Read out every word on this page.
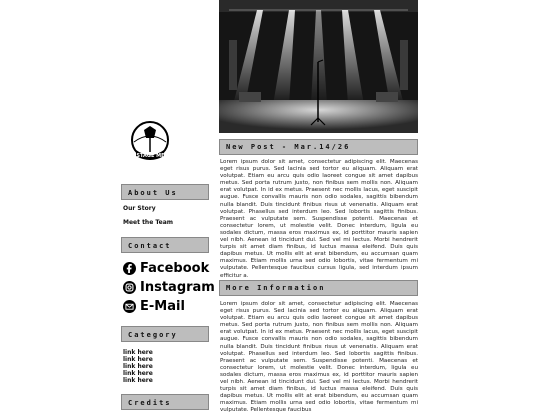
STAGE ME
About Us
Our Story
Meet the Team
Contact
Facebook
Instagram
E-Mail
Category
link here
link here
link here
link here
link here
Credits
New Post - Mar.14/26
Lorem ipsum dolor sit amet, consectetur adipiscing elit. Maecenas eget risus purus. Sed lacinia sed tortor eu aliquam. Aliquam erat volutpat. Etiam eu arcu quis odio laoreet congue sit amet dapibus metus. Sed porta rutrum justo, non finibus sem mollis non. Aliquam erat volutpat. In id ex metus. Praesent nec mollis lacus, eget suscipit augue. Fusce convallis mauris non odio sodales, sagittis bibendum nulla blandit. Duis tincidunt finibus risus ut venenatis. Aliquam erat volutpat. Phasellus sed interdum leo. Sed lobortis sagittis finibus. Praesent ac vulputate sem. Suspendisse potenti. Maecenas et consectetur lorem, ut molestie velit. Donec interdum, ligula eu sodales dictum, massa eros maximus ex, id porttitor mauris sapien vel nibh. Aenean id tincidunt dui. Sed vel mi lectus. Morbi hendrerit turpis sit amet diam finibus, id luctus massa eleifend. Duis quis dapibus metus. Ut mollis elit at erat bibendum, eu accumsan quam maximus. Etiam mollis urna sed odio lobortis, vitae fermentum mi vulputate. Pellentesque faucibus cursus ligula, sed interdum ipsum efficitur a.
More Information
Lorem ipsum dolor sit amet, consectetur adipiscing elit. Maecenas eget risus purus. Sed lacinia sed tortor eu aliquam. Aliquam erat volutpat. Etiam eu arcu quis odio laoreet congue sit amet dapibus metus. Sed porta rutrum justo, non finibus sem mollis non. Aliquam erat volutpat. In id ex metus. Praesent nec mollis lacus, eget suscipit augue. Fusce convallis mauris non odio sodales, sagittis bibendum nulla blandit. Duis tincidunt finibus risus ut venenatis. Aliquam erat volutpat. Phasellus sed interdum leo. Sed lobortis sagittis finibus. Praesent ac vulputate sem. Suspendisse potenti. Maecenas et consectetur lorem, ut molestie velit. Donec interdum, ligula eu sodales dictum, massa eros maximus ex, id porttitor mauris sapien vel nibh. Aenean id tincidunt dui. Sed vel mi lectus. Morbi hendrerit turpis sit amet diam finibus, id luctus massa eleifend. Duis quis dapibus metus. Ut mollis elit at erat bibendum, eu accumsan quam maximus. Etiam mollis urna sed odio lobortis, vitae fermentum mi vulputate. Pellentesque faucibus
